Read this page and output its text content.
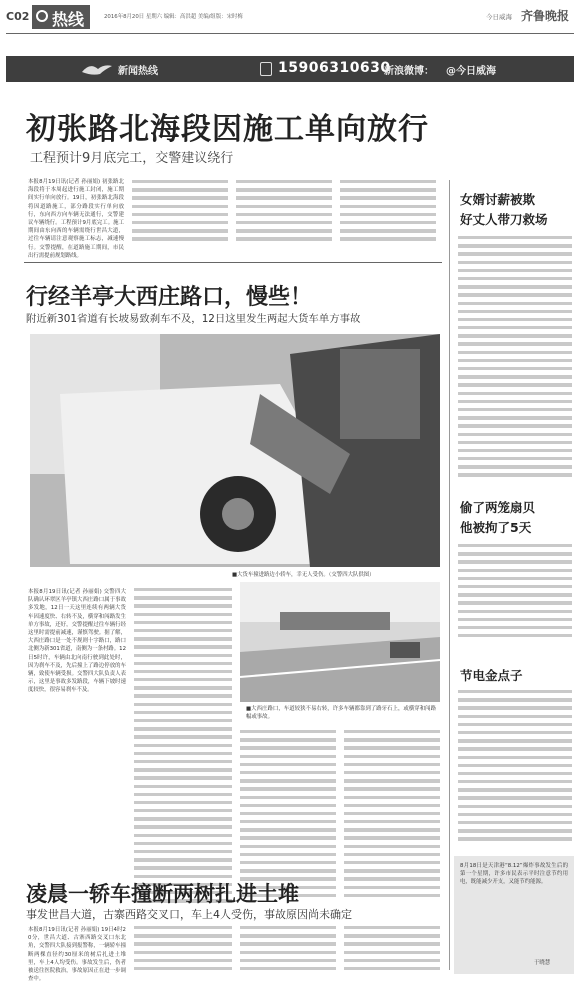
C02 热线	2016年8月20日 星期六 编辑：高洪超 美编/组版：宋时梅	今日威海 齐鲁晚报
新闻热线	15906310630
新浪微博： @今日威海
初张路北海段因施工单向放行
工程预计9月底完工，交警建议绕行
本报8月19日讯(记者 孙丽娟) 初张路北海段将于本周起进行施工封闭，施工期间实行单向放行。19日，初张路北海段将因道路施工，部分路段实行单向放行，东向西方向车辆无法通行，交警建议车辆绕行。工程预计9月底完工。施工期间由东向西的车辆需绕行世昌大道，过往车辆请注意观察施工标志，减速慢行。交警提醒，在道路施工期间，市民出行需提前规划路线。
行经羊亭大西庄路口，慢些！
附近新301省道有长坡易致刹车不及，12日这里发生两起大货车单方事故
■大货车撞进路边小轿车，幸无人受伤。（交警四大队供图）
本报8月19日讯(记者 孙丽娟) 交警四大队确认环翠区羊亭镇大西庄路口属于事故多发地，12日一天这里连续有两辆大货车因速度快、右转不及，横穿和闯路发生单方事故，还好，交警提醒过往车辆行经这里时需提前减速，谨慎驾驶。据了解，大西庄路口是一处不规则十字路口，路口北侧为新301省道，南侧为一条村路。12日5时许，车辆由北向南行驶到此处时，因为刹车不及，先后撞上了路边停放的车辆，致使车辆受损。交警四大队负责人表示，这里是事故多发路段，车辆下坡时速度较快，很容易刹车不及。
■大西庄路口，车道较狭不易右转，许多车辆都靠到了路牙石上，或横穿和闯路幅或事故。
凌晨一轿车撞断两树扎进土堆
事发世昌大道，古寨西路交叉口，车上4人受伤，事故原因尚未确定
本报8月19日讯(记者 孙丽娟) 19日4时20分，世昌大道、古寨西路交叉口东北角，交警四大队接到报警称，一辆轿车撞断两棵直径约30厘米的树后扎进土堆里，车上4人均受伤。事故发生后，伤者被送往医院救治，事故原因正在进一步调查中。
女婿讨薪被欺
好丈人带刀救场
偷了两笼扇贝
他被拘了5天
节电金点子
8月18日是天津港“8.12”爆炸事故发生后的第一个星期，许多市民表示平时注意节约用电，既能减少开支，又能节约能源。
于晓慧
